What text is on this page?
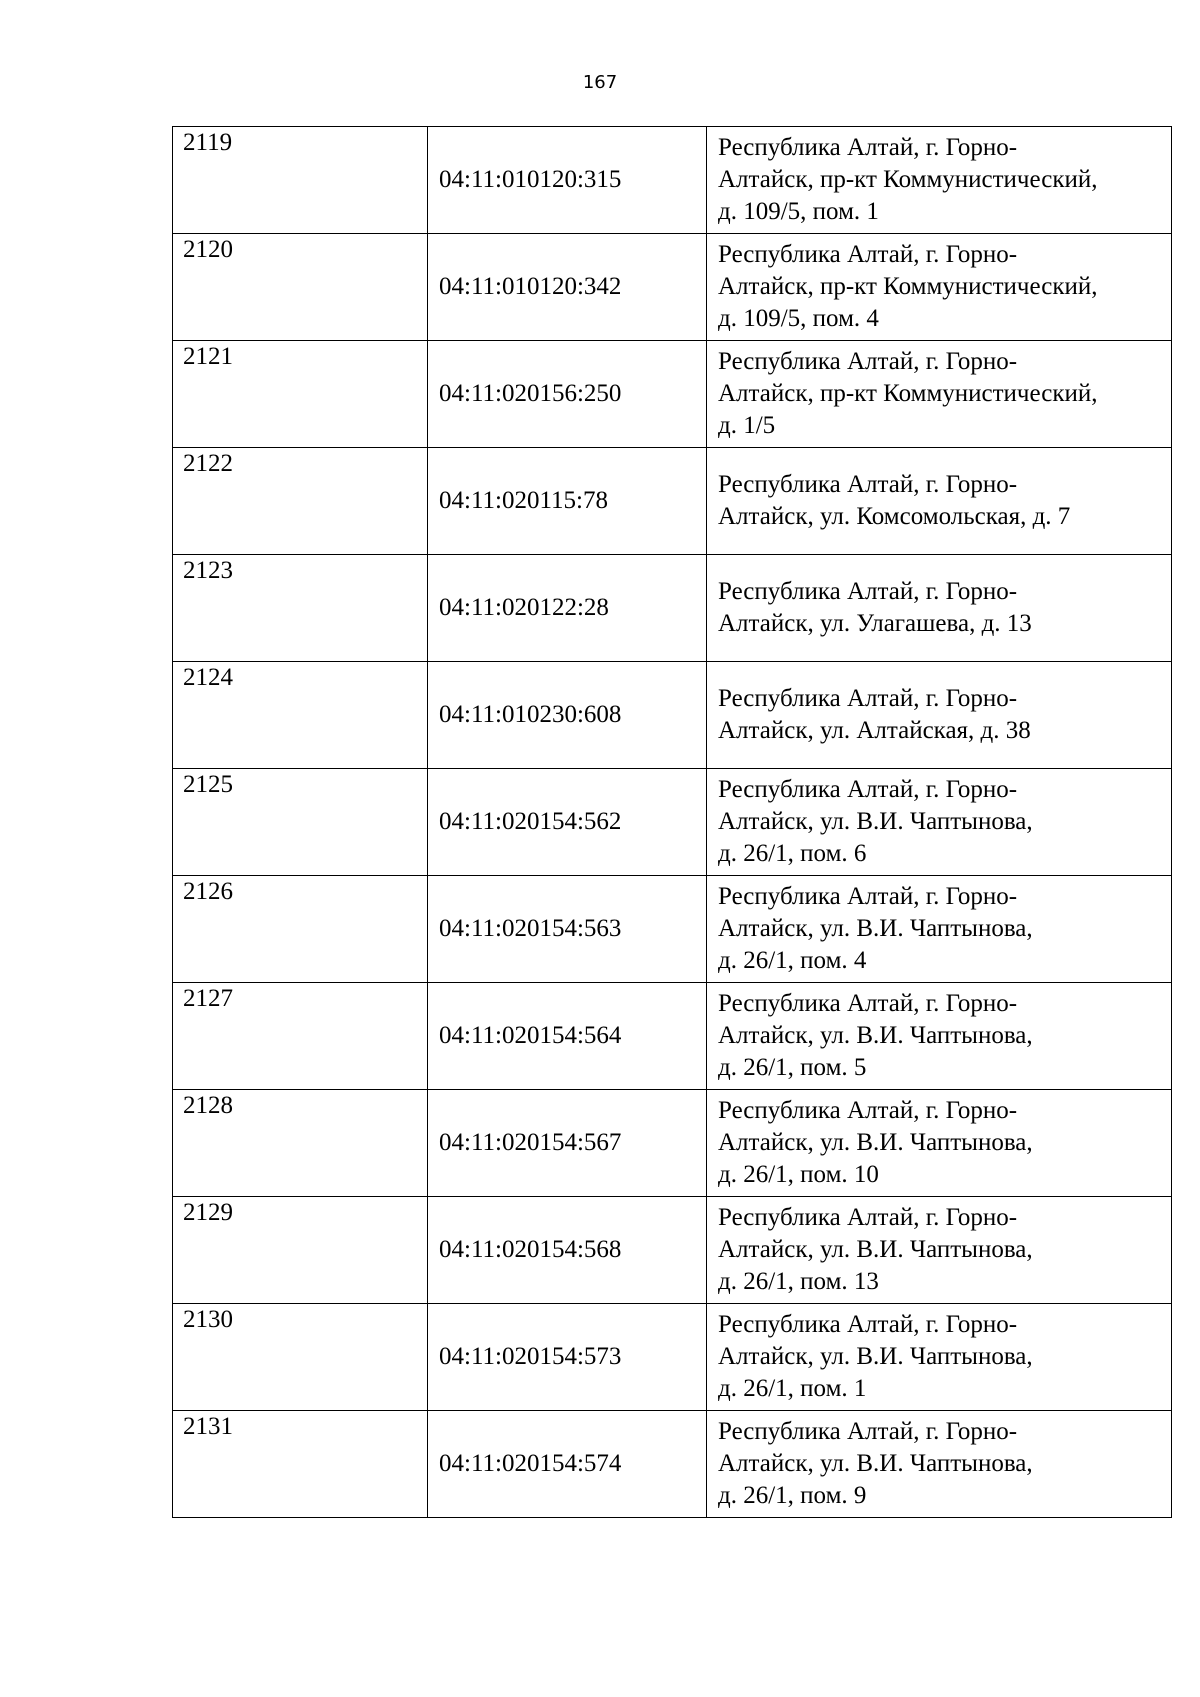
167
2119	04:11:010120:315	Республика Алтай, г. Горно-
Алтайск, пр-кт Коммунистический,
д. 109/5, пом. 1

2120	04:11:010120:342	Республика Алтай, г. Горно-
Алтайск, пр-кт Коммунистический,
д. 109/5, пом. 4

2121	04:11:020156:250	Республика Алтай, г. Горно-
Алтайск, пр-кт Коммунистический,
д. 1/5

2122	04:11:020115:78	Республика Алтай, г. Горно-
Алтайск, ул. Комсомольская, д. 7

2123	04:11:020122:28	Республика Алтай, г. Горно-
Алтайск, ул. Улагашева, д. 13

2124	04:11:010230:608	Республика Алтай, г. Горно-
Алтайск, ул. Алтайская, д. 38

2125	04:11:020154:562	Республика Алтай, г. Горно-
Алтайск, ул. В.И. Чаптынова,
д. 26/1, пом. 6

2126	04:11:020154:563	Республика Алтай, г. Горно-
Алтайск, ул. В.И. Чаптынова,
д. 26/1, пом. 4

2127	04:11:020154:564	Республика Алтай, г. Горно-
Алтайск, ул. В.И. Чаптынова,
д. 26/1, пом. 5

2128	04:11:020154:567	Республика Алтай, г. Горно-
Алтайск, ул. В.И. Чаптынова,
д. 26/1, пом. 10

2129	04:11:020154:568	Республика Алтай, г. Горно-
Алтайск, ул. В.И. Чаптынова,
д. 26/1, пом. 13

2130	04:11:020154:573	Республика Алтай, г. Горно-
Алтайск, ул. В.И. Чаптынова,
д. 26/1, пом. 1

2131	04:11:020154:574	Республика Алтай, г. Горно-
Алтайск, ул. В.И. Чаптынова,
д. 26/1, пом. 9
